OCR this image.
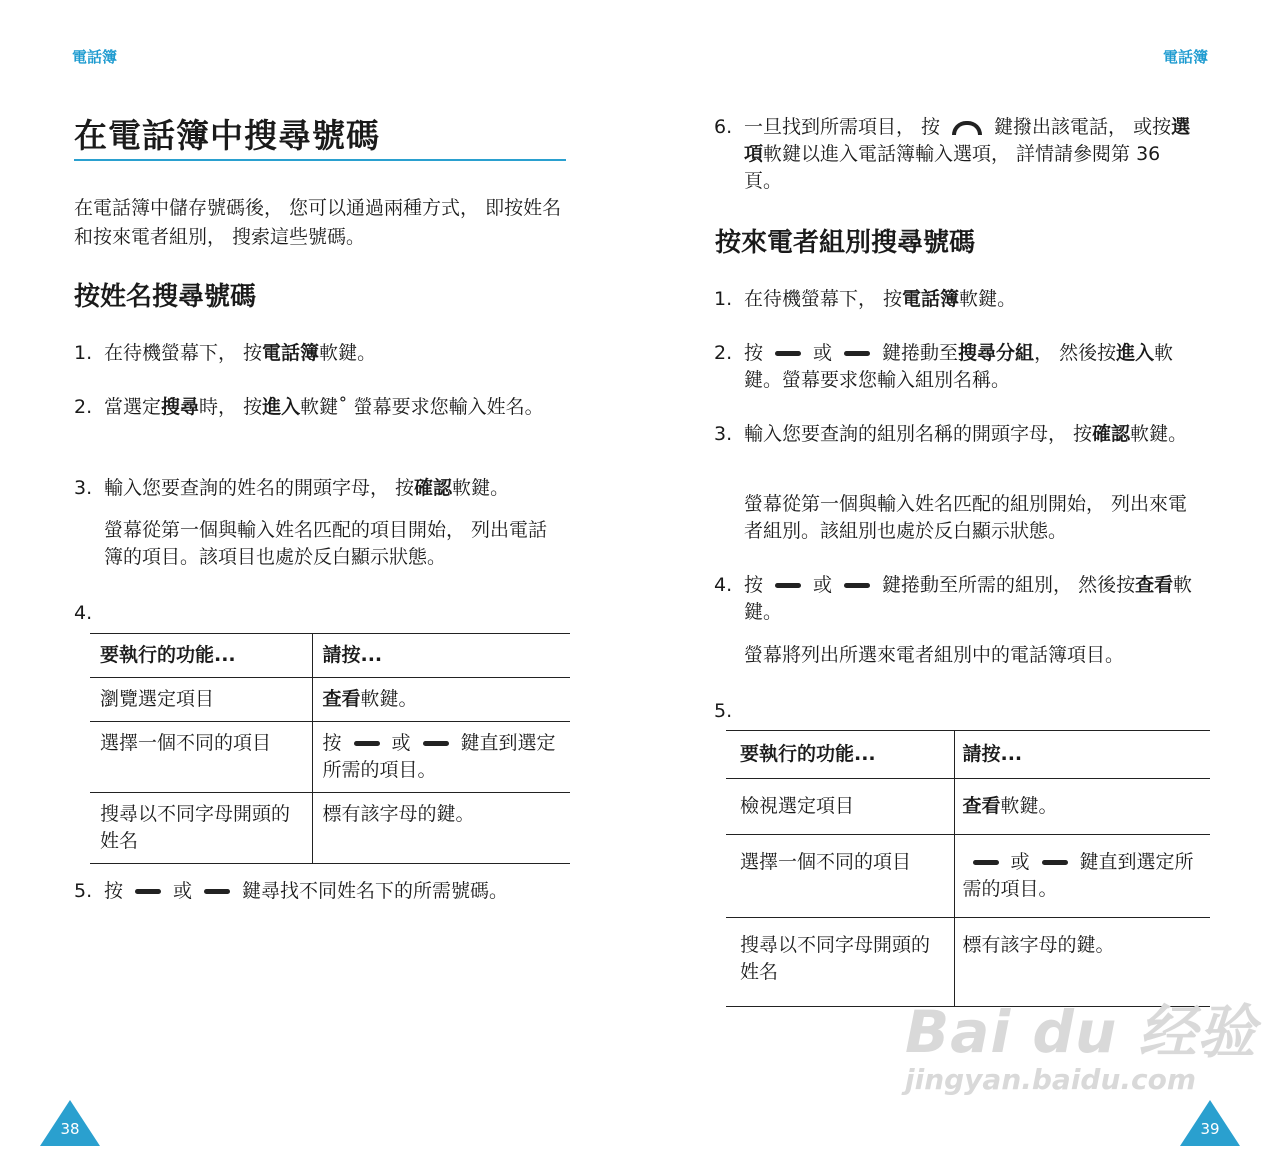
電話簿
在電話簿中搜尋號碼
在電話簿中儲存號碼後， 您可以通過兩種方式， 即按姓名和按來電者組別， 搜索這些號碼。
按姓名搜尋號碼
1. 在待機螢幕下， 按電話簿軟鍵。
2. 當選定搜尋時， 按進入軟鍵˚ 螢幕要求您輸入姓名。
3. 輸入您要查詢的姓名的開頭字母， 按確認軟鍵。
螢幕從第一個與輸入姓名匹配的項目開始， 列出電話簿的項目。該項目也處於反白顯示狀態。
4.
要執行的功能...	請按...
瀏覽選定項目	查看軟鍵。
選擇一個不同的項目	按 或 鍵直到選定所需的項目。
搜尋以不同字母開頭的姓名	標有該字母的鍵。
5. 按	或	鍵尋找不同姓名下的所需號碼。
38
電話簿
6. 一旦找到所需項目， 按	鍵撥出該電話， 或按選項軟鍵以進入電話簿輸入選項， 詳情請參閱第 36 頁。
按來電者組別搜尋號碼
1. 在待機螢幕下， 按電話簿軟鍵。
2. 按	或	鍵捲動至搜尋分組， 然後按進入軟鍵。螢幕要求您輸入組別名稱。
3. 輸入您要查詢的組別名稱的開頭字母， 按確認軟鍵。
螢幕從第一個與輸入姓名匹配的組別開始， 列出來電者組別。該組別也處於反白顯示狀態。
4. 按	或	鍵捲動至所需的組別， 然後按查看軟鍵。
螢幕將列出所選來電者組別中的電話簿項目。
5.
要執行的功能...	請按...
檢視選定項目	查看軟鍵。
選擇一個不同的項目	或 鍵直到選定所需的項目。
搜尋以不同字母開頭的姓名	標有該字母的鍵。
39
Bai du 经验
jingyan.baidu.com
